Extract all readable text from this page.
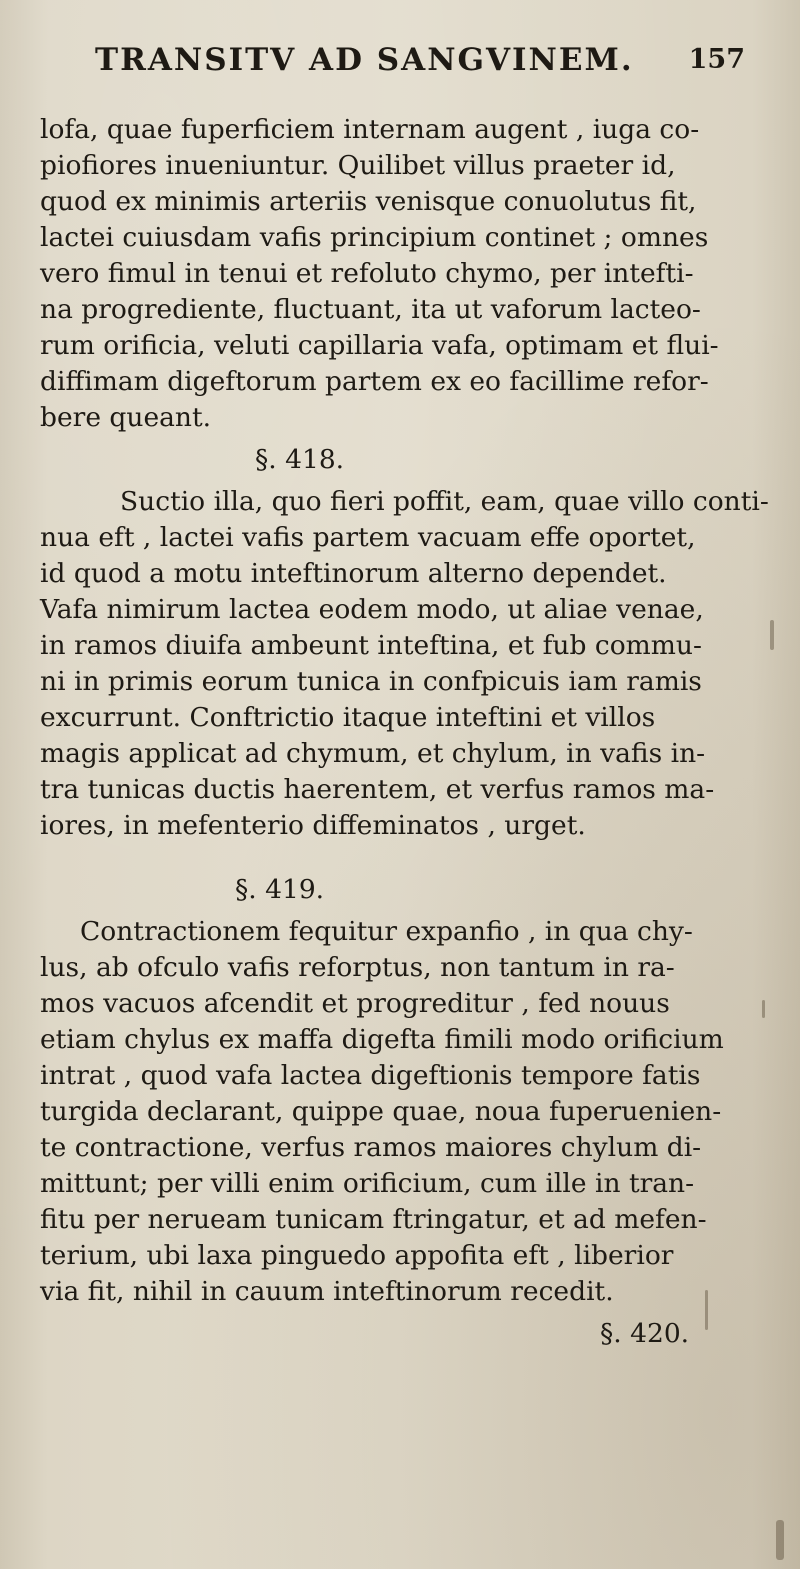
TRANSITV AD SANGVINEM. 157
lofa, quae fuperficiem internam augent , iuga co-
piofiores inueniuntur. Quilibet villus praeter id,
quod ex minimis arteriis venisque conuolutus fit,
lactei cuiusdam vafis principium continet ; omnes
vero fimul in tenui et refoluto chymo, per intefti-
na progrediente, fluctuant, ita ut vaforum lacteo-
rum orificia, veluti capillaria vafa, optimam et flui-
diffimam digeftorum partem ex eo facillime refor-
bere queant.
§. 418.
Suctio illa, quo fieri poffit, eam, quae villo conti-
nua eft , lactei vafis partem vacuam effe oportet,
id quod a motu inteftinorum alterno dependet.
Vafa nimirum lactea eodem modo, ut aliae venae,
in ramos diuifa ambeunt inteftina, et fub commu-
ni in primis eorum tunica in confpicuis iam ramis
excurrunt. Conftrictio itaque inteftini et villos
magis applicat ad chymum, et chylum, in vafis in-
tra tunicas ductis haerentem, et verfus ramos ma-
iores, in mefenterio diffeminatos , urget.
§. 419.
Contractionem fequitur expanfio , in qua chy-
lus, ab ofculo vafis reforptus, non tantum in ra-
mos vacuos afcendit et progreditur , fed nouus
etiam chylus ex maffa digefta fimili modo orificium
intrat , quod vafa lactea digeftionis tempore fatis
turgida declarant, quippe quae, noua fuperuenien-
te contractione, verfus ramos maiores chylum di-
mittunt; per villi enim orificium, cum ille in tran-
fitu per nerueam tunicam ftringatur, et ad mefen-
terium, ubi laxa pinguedo appofita eft , liberior
via fit, nihil in cauum inteftinorum recedit.
§. 420.
